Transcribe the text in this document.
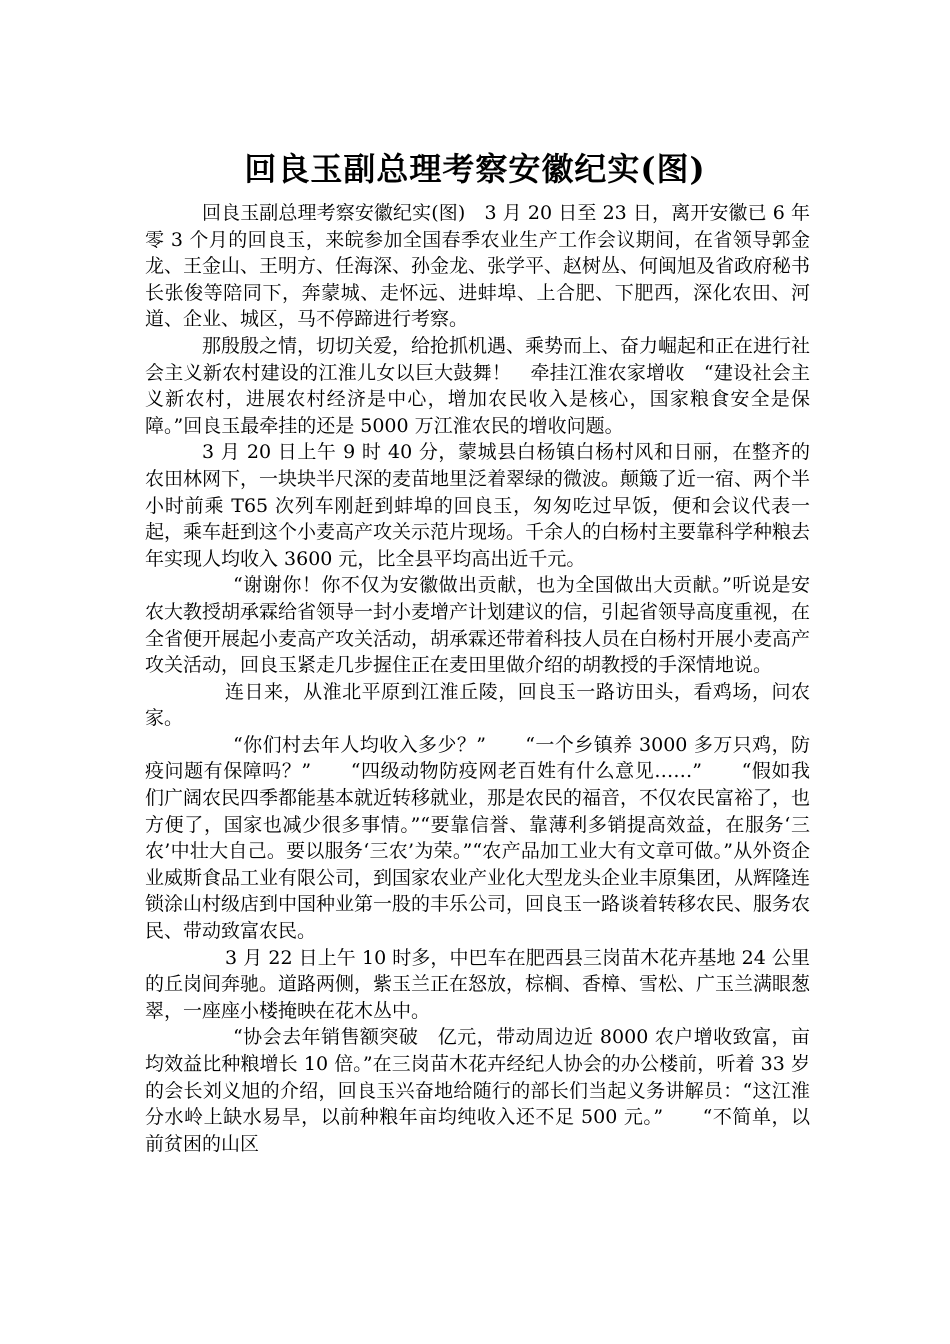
回良玉副总理考察安徽纪实(图)

回良玉副总理考察安徽纪实(图)　3 月 20 日至 23 日，离开安徽已 6 年零 3 个月的回良玉，来皖参加全国春季农业生产工作会议期间，在省领导郭金龙、王金山、王明方、任海深、孙金龙、张学平、赵树丛、何闽旭及省政府秘书长张俊等陪同下，奔蒙城、走怀远、进蚌埠、上合肥、下肥西，深化农田、河道、企业、城区，马不停蹄进行考察。

那殷殷之情，切切关爱，给抢抓机遇、乘势而上、奋力崛起和正在进行社会主义新农村建设的江淮儿女以巨大鼓舞！　牵挂江淮农家增收　“建设社会主义新农村，进展农村经济是中心，增加农民收入是核心，国家粮食安全是保障。”回良玉最牵挂的还是 5000 万江淮农民的增收问题。

3 月 20 日上午 9 时 40 分，蒙城县白杨镇白杨村风和日丽，在整齐的农田林网下，一块块半尺深的麦苗地里泛着翠绿的微波。颠簸了近一宿、两个半小时前乘 T65 次列车刚赶到蚌埠的回良玉，匆匆吃过早饭，便和会议代表一起，乘车赶到这个小麦高产攻关示范片现场。千余人的白杨村主要靠科学种粮去年实现人均收入 3600 元，比全县平均高出近千元。

“谢谢你！你不仅为安徽做出贡献，也为全国做出大贡献。”听说是安农大教授胡承霖给省领导一封小麦增产计划建议的信，引起省领导高度重视，在全省便开展起小麦高产攻关活动，胡承霖还带着科技人员在白杨村开展小麦高产攻关活动，回良玉紧走几步握住正在麦田里做介绍的胡教授的手深情地说。

连日来，从淮北平原到江淮丘陵，回良玉一路访田头，看鸡场，问农家。

“你们村去年人均收入多少？”　　“一个乡镇养 3000 多万只鸡，防疫问题有保障吗？”　　“四级动物防疫网老百姓有什么意见……”　　“假如我们广阔农民四季都能基本就近转移就业，那是农民的福音，不仅农民富裕了，也方便了，国家也减少很多事情。”“要靠信誉、靠薄利多销提高效益，在服务‘三农’中壮大自己。要以服务‘三农’为荣。”“农产品加工业大有文章可做。”从外资企业威斯食品工业有限公司，到国家农业产业化大型龙头企业丰原集团，从辉隆连锁涂山村级店到中国种业第一股的丰乐公司，回良玉一路谈着转移农民、服务农民、带动致富农民。

3 月 22 日上午 10 时多，中巴车在肥西县三岗苗木花卉基地 24 公里的丘岗间奔驰。道路两侧，紫玉兰正在怒放，棕榈、香樟、雪松、广玉兰满眼葱翠，一座座小楼掩映在花木丛中。

“协会去年销售额突破　亿元，带动周边近 8000 农户增收致富，亩均效益比种粮增长 10 倍。”在三岗苗木花卉经纪人协会的办公楼前，听着 33 岁的会长刘义旭的介绍，回良玉兴奋地给随行的部长们当起义务讲解员：“这江淮分水岭上缺水易旱，以前种粮年亩均纯收入还不足 500 元。”　　“不简单，以前贫困的山区
